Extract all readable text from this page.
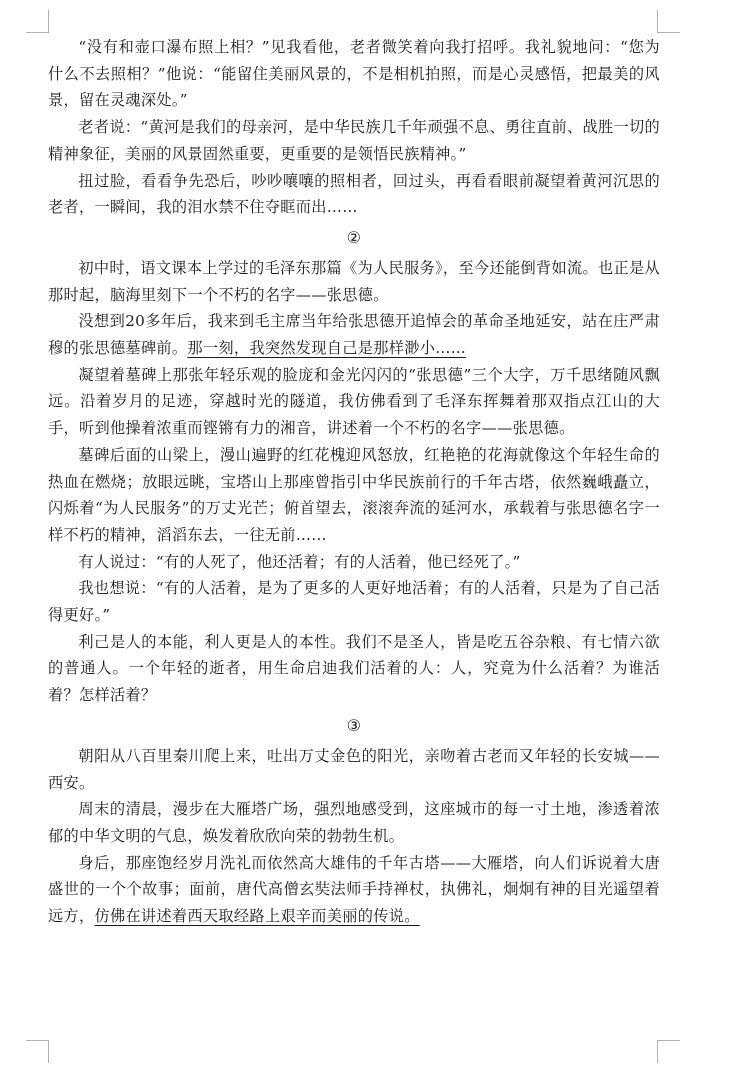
“没有和壶口瀑布照上相？”见我看他，老者微笑着向我打招呼。我礼貌地问：“您为什么不去照相？”他说：“能留住美丽风景的，不是相机拍照，而是心灵感悟，把最美的风景，留在灵魂深处。”

老者说：“黄河是我们的母亲河，是中华民族几千年顽强不息、勇往直前、战胜一切的精神象征，美丽的风景固然重要，更重要的是领悟民族精神。”

扭过脸，看看争先恐后，吵吵嚷嚷的照相者，回过头，再看看眼前凝望着黄河沉思的老者，一瞬间，我的泪水禁不住夺眶而出……

②

初中时，语文课本上学过的毛泽东那篇《为人民服务》，至今还能倒背如流。也正是从那时起，脑海里刻下一个不朽的名字——张思德。

没想到20多年后，我来到毛主席当年给张思德开追悼会的革命圣地延安，站在庄严肃穆的张思德墓碑前。那一刻，我突然发现自己是那样渺小……

凝望着墓碑上那张年轻乐观的脸庞和金光闪闪的“张思德”三个大字，万千思绪随风飘远。沿着岁月的足迹，穿越时光的隧道，我仿佛看到了毛泽东挥舞着那双指点江山的大手，听到他操着浓重而铿锵有力的湘音，讲述着一个不朽的名字——张思德。

墓碑后面的山梁上，漫山遍野的红花槐迎风怒放，红艳艳的花海就像这个年轻生命的热血在燃烧；放眼远眺，宝塔山上那座曾指引中华民族前行的千年古塔，依然巍峨矗立，闪烁着“为人民服务”的万丈光芒；俯首望去，滚滚奔流的延河水，承载着与张思德名字一样不朽的精神，滔滔东去，一往无前……

有人说过：“有的人死了，他还活着；有的人活着，他已经死了。”

我也想说：“有的人活着，是为了更多的人更好地活着；有的人活着，只是为了自己活得更好。”

利己是人的本能，利人更是人的本性。我们不是圣人，皆是吃五谷杂粮、有七情六欲的普通人。一个年轻的逝者，用生命启迪我们活着的人：人，究竟为什么活着？为谁活着？怎样活着？

③

朝阳从八百里秦川爬上来，吐出万丈金色的阳光，亲吻着古老而又年轻的长安城——西安。

周末的清晨，漫步在大雁塔广场，强烈地感受到，这座城市的每一寸土地，渗透着浓郁的中华文明的气息，焕发着欣欣向荣的勃勃生机。

身后，那座饱经岁月洗礼而依然高大雄伟的千年古塔——大雁塔，向人们诉说着大唐盛世的一个个故事；面前，唐代高僧玄奘法师手持禅杖，执佛礼，炯炯有神的目光遥望着远方，仿佛在讲述着西天取经路上艰辛而美丽的传说。
